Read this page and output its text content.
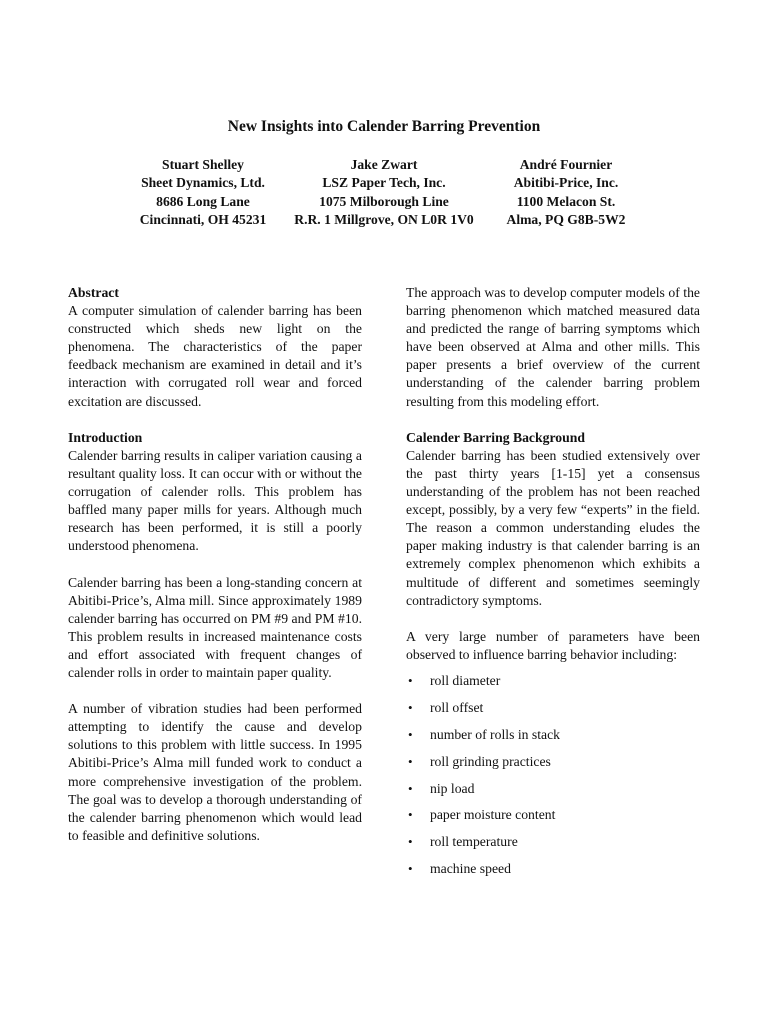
New Insights into Calender Barring Prevention
Stuart Shelley
Sheet Dynamics, Ltd.
8686 Long Lane
Cincinnati, OH 45231
Jake Zwart
LSZ Paper Tech, Inc.
1075 Milborough Line
R.R. 1 Millgrove, ON L0R 1V0
André Fournier
Abitibi-Price, Inc.
1100 Melacon St.
Alma, PQ G8B-5W2
Abstract

A computer simulation of calender barring has been constructed which sheds new light on the phenomena. The characteristics of the paper feedback mechanism are examined in detail and it’s interaction with corrugated roll wear and forced excitation are discussed.

Introduction

Calender barring results in caliper variation causing a resultant quality loss. It can occur with or without the corrugation of calender rolls. This problem has baffled many paper mills for years. Although much research has been performed, it is still a poorly understood phenomena.

Calender barring has been a long-standing concern at Abitibi-Price’s, Alma mill. Since approximately 1989 calender barring has occurred on PM #9 and PM #10. This problem results in increased maintenance costs and effort associated with frequent changes of calender rolls in order to maintain paper quality.

A number of vibration studies had been performed attempting to identify the cause and develop solutions to this problem with little success. In 1995 Abitibi-Price’s Alma mill funded work to conduct a more comprehensive investigation of the problem. The goal was to develop a thorough understanding of the calender barring phenomenon which would lead to feasible and definitive solutions.

The approach was to develop computer models of the barring phenomenon which matched measured data and predicted the range of barring symptoms which have been observed at Alma and other mills. This paper presents a brief overview of the current understanding of the calender barring problem resulting from this modeling effort.

Calender Barring Background

Calender barring has been studied extensively over the past thirty years [1-15] yet a consensus understanding of the problem has not been reached except, possibly, by a very few “experts” in the field. The reason a common understanding eludes the paper making industry is that calender barring is an extremely complex phenomenon which exhibits a multitude of different and sometimes seemingly contradictory symptoms.

A very large number of parameters have been observed to influence barring behavior including:

• roll diameter
• roll offset
• number of rolls in stack
• roll grinding practices
• nip load
• paper moisture content
• roll temperature
• machine speed
